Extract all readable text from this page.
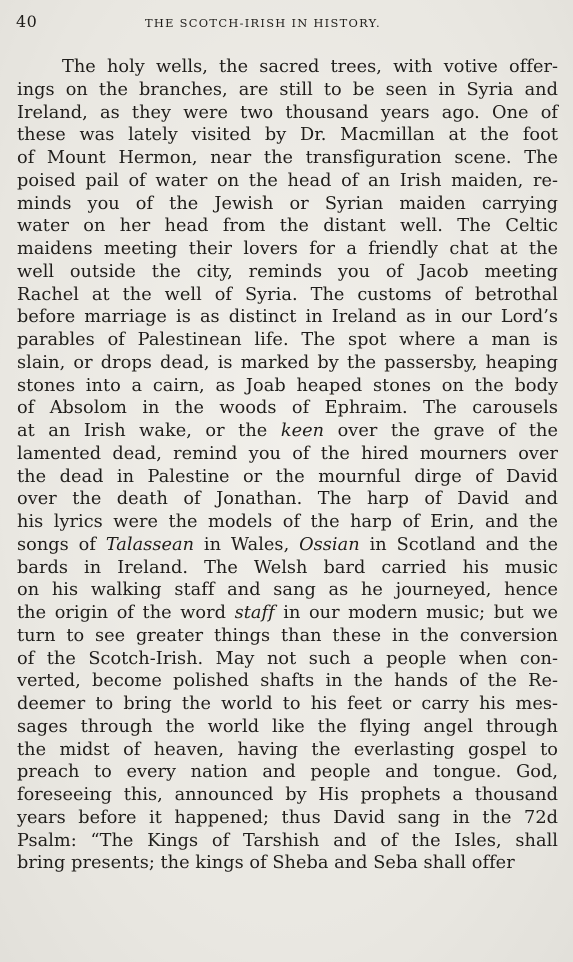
40	THE SCOTCH-IRISH IN HISTORY.
The holy wells, the sacred trees, with votive offer-
ings on the branches, are still to be seen in Syria and
Ireland, as they were two thousand years ago. One of
these was lately visited by Dr. Macmillan at the foot
of Mount Hermon, near the transfiguration scene. The
poised pail of water on the head of an Irish maiden, re-
minds you of the Jewish or Syrian maiden carrying
water on her head from the distant well. The Celtic
maidens meeting their lovers for a friendly chat at the
well outside the city, reminds you of Jacob meeting
Rachel at the well of Syria. The customs of betrothal
before marriage is as distinct in Ireland as in our Lord’s
parables of Palestinean life. The spot where a man is
slain, or drops dead, is marked by the passersby, heaping
stones into a cairn, as Joab heaped stones on the body
of Absolom in the woods of Ephraim. The carousels
at an Irish wake, or the keen over the grave of the
lamented dead, remind you of the hired mourners over
the dead in Palestine or the mournful dirge of David
over the death of Jonathan. The harp of David and
his lyrics were the models of the harp of Erin, and the
songs of Talassean in Wales, Ossian in Scotland and the
bards in Ireland. The Welsh bard carried his music
on his walking staff and sang as he journeyed, hence
the origin of the word staff in our modern music; but we
turn to see greater things than these in the conversion
of the Scotch-Irish. May not such a people when con-
verted, become polished shafts in the hands of the Re-
deemer to bring the world to his feet or carry his mes-
sages through the world like the flying angel through
the midst of heaven, having the everlasting gospel to
preach to every nation and people and tongue. God,
foreseeing this, announced by His prophets a thousand
years before it happened; thus David sang in the 72d
Psalm: “The Kings of Tarshish and of the Isles, shall
bring presents; the kings of Sheba and Seba shall offer
